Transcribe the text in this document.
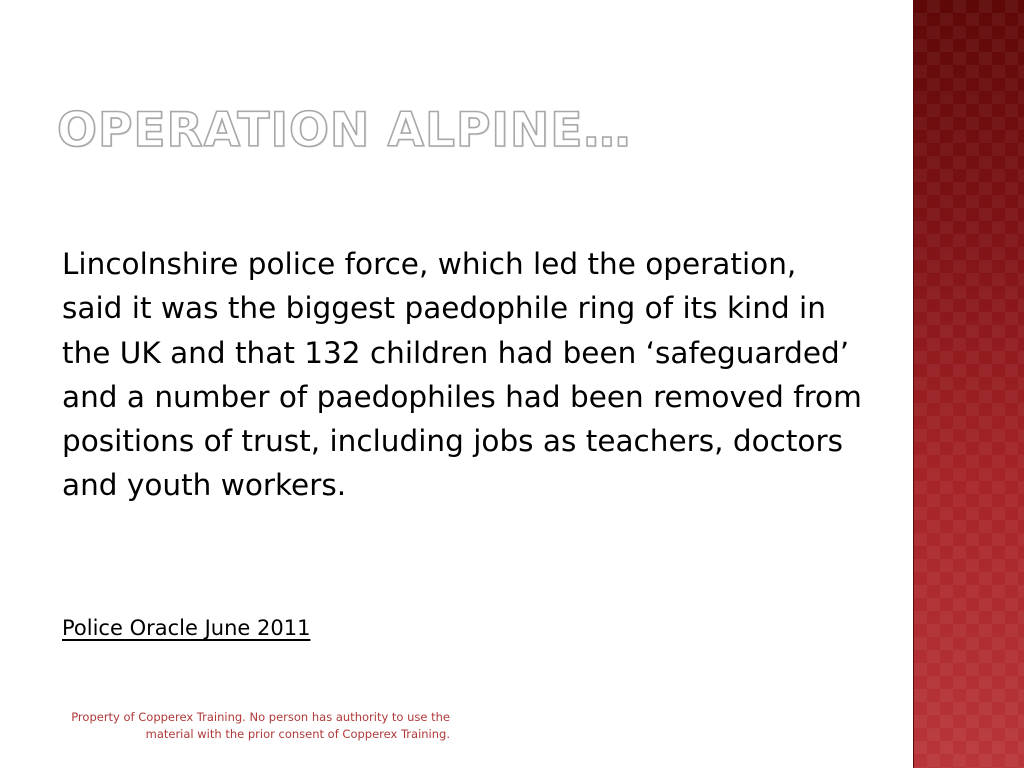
OPERATION ALPINE…

Lincolnshire police force, which led the operation, said it was the biggest paedophile ring of its kind in the UK and that 132 children had been ‘safeguarded’ and a number of paedophiles had been removed from positions of trust, including jobs as teachers, doctors and youth workers.

Police Oracle June 2011

Property of Copperex Training. No person has authority to use the material with the prior consent of Copperex Training.
